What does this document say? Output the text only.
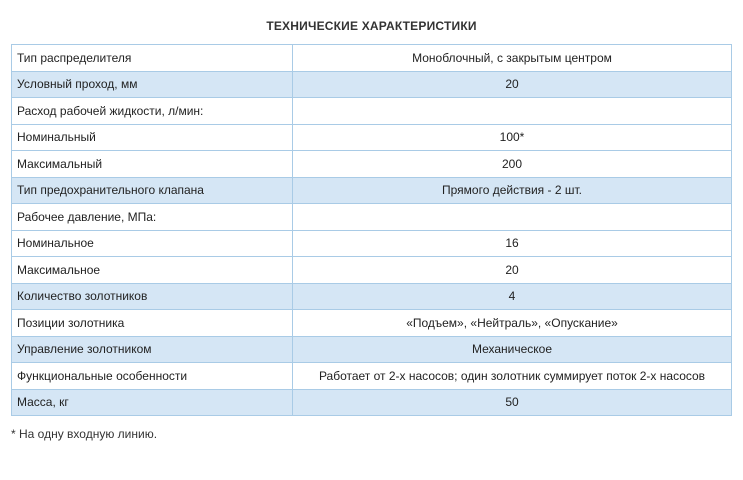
ТЕХНИЧЕСКИЕ ХАРАКТЕРИСТИКИ
Тип распределителя	Моноблочный, с закрытым центром
Условный проход, мм	20
Расход рабочей жидкости, л/мин:	
Номинальный	100*
Максимальный	200
Тип предохранительного клапана	Прямого действия - 2 шт.
Рабочее давление, МПа:	
Номинальное	16
Максимальное	20
Количество золотников	4
Позиции золотника	«Подъем», «Нейтраль», «Опускание»
Управление золотником	Механическое
Функциональные особенности	Работает от 2-х насосов; один золотник суммирует поток 2-х насосов
Масса, кг	50
* На одну входную линию.
